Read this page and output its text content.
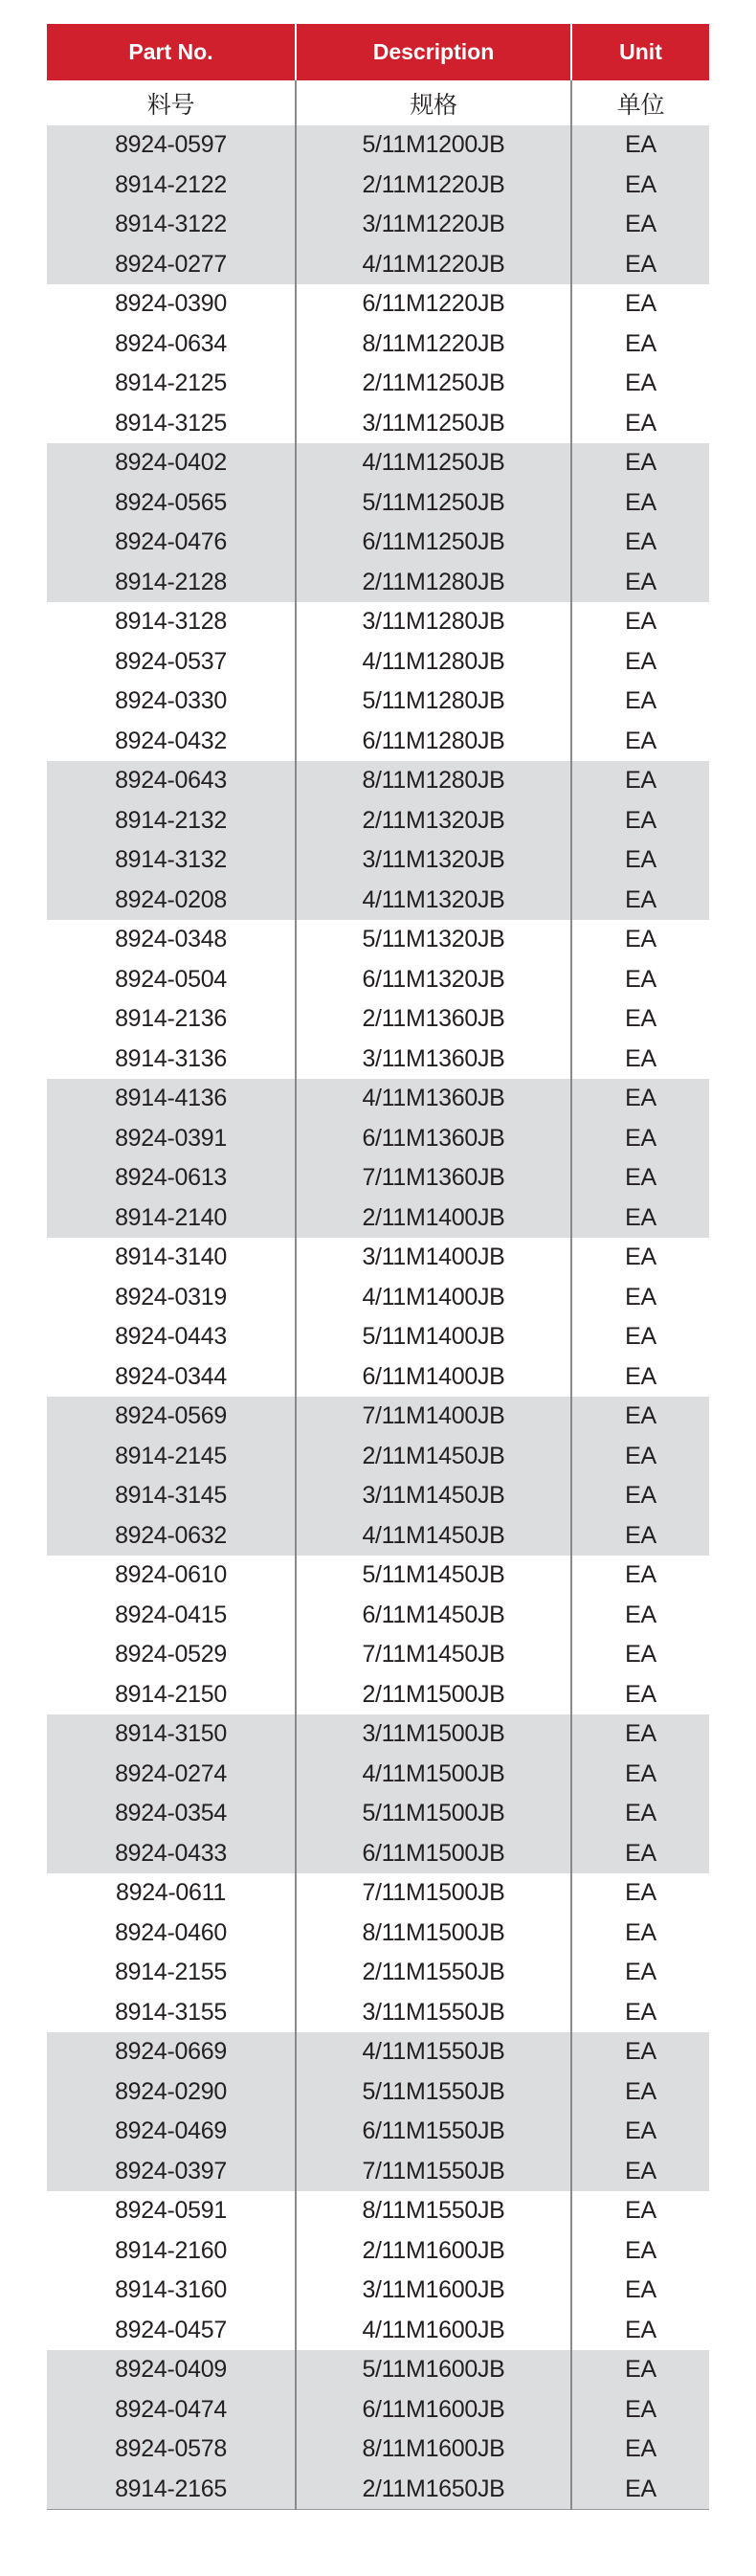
Part No.	Description	Unit
料号	规格	单位
8924-0597	5/11M1200JB	EA
8914-2122	2/11M1220JB	EA
8914-3122	3/11M1220JB	EA
8924-0277	4/11M1220JB	EA
8924-0390	6/11M1220JB	EA
8924-0634	8/11M1220JB	EA
8914-2125	2/11M1250JB	EA
8914-3125	3/11M1250JB	EA
8924-0402	4/11M1250JB	EA
8924-0565	5/11M1250JB	EA
8924-0476	6/11M1250JB	EA
8914-2128	2/11M1280JB	EA
8914-3128	3/11M1280JB	EA
8924-0537	4/11M1280JB	EA
8924-0330	5/11M1280JB	EA
8924-0432	6/11M1280JB	EA
8924-0643	8/11M1280JB	EA
8914-2132	2/11M1320JB	EA
8914-3132	3/11M1320JB	EA
8924-0208	4/11M1320JB	EA
8924-0348	5/11M1320JB	EA
8924-0504	6/11M1320JB	EA
8914-2136	2/11M1360JB	EA
8914-3136	3/11M1360JB	EA
8914-4136	4/11M1360JB	EA
8924-0391	6/11M1360JB	EA
8924-0613	7/11M1360JB	EA
8914-2140	2/11M1400JB	EA
8914-3140	3/11M1400JB	EA
8924-0319	4/11M1400JB	EA
8924-0443	5/11M1400JB	EA
8924-0344	6/11M1400JB	EA
8924-0569	7/11M1400JB	EA
8914-2145	2/11M1450JB	EA
8914-3145	3/11M1450JB	EA
8924-0632	4/11M1450JB	EA
8924-0610	5/11M1450JB	EA
8924-0415	6/11M1450JB	EA
8924-0529	7/11M1450JB	EA
8914-2150	2/11M1500JB	EA
8914-3150	3/11M1500JB	EA
8924-0274	4/11M1500JB	EA
8924-0354	5/11M1500JB	EA
8924-0433	6/11M1500JB	EA
8924-0611	7/11M1500JB	EA
8924-0460	8/11M1500JB	EA
8914-2155	2/11M1550JB	EA
8914-3155	3/11M1550JB	EA
8924-0669	4/11M1550JB	EA
8924-0290	5/11M1550JB	EA
8924-0469	6/11M1550JB	EA
8924-0397	7/11M1550JB	EA
8924-0591	8/11M1550JB	EA
8914-2160	2/11M1600JB	EA
8914-3160	3/11M1600JB	EA
8924-0457	4/11M1600JB	EA
8924-0409	5/11M1600JB	EA
8924-0474	6/11M1600JB	EA
8924-0578	8/11M1600JB	EA
8914-2165	2/11M1650JB	EA
